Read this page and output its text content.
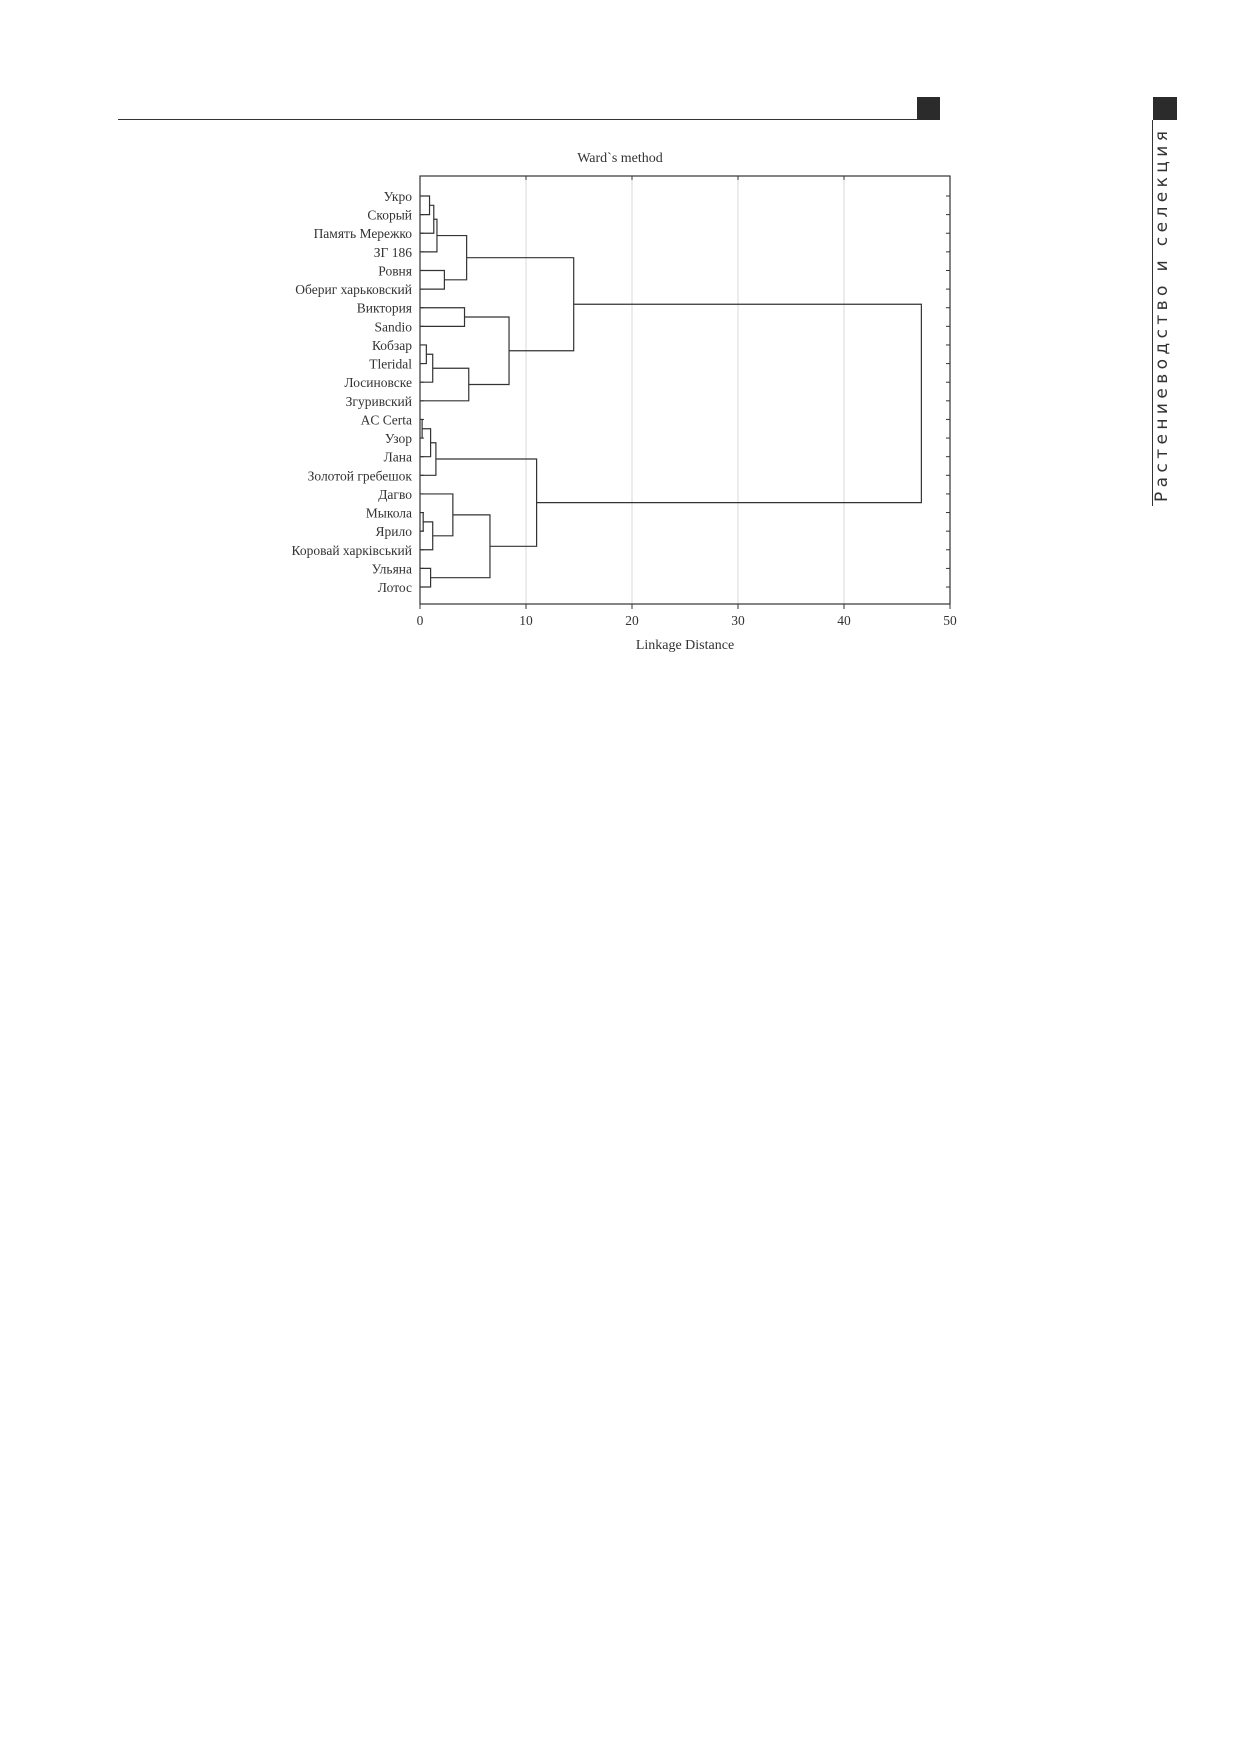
Растениеводство и селекция
Ward`s method
Укро
Скорый
Память Мережко
ЗГ 186
Ровня
Обериг харьковский
Виктория
Sandio
Кобзар
Tleridal
Лосиновске
Згуривский
AC Certa
Узор
Лана
Золотой гребешок
Дагво
Мыкола
Ярило
Коровай харківський
Ульяна
Лотос
0	10	20	30	40	50
Linkage Distance
